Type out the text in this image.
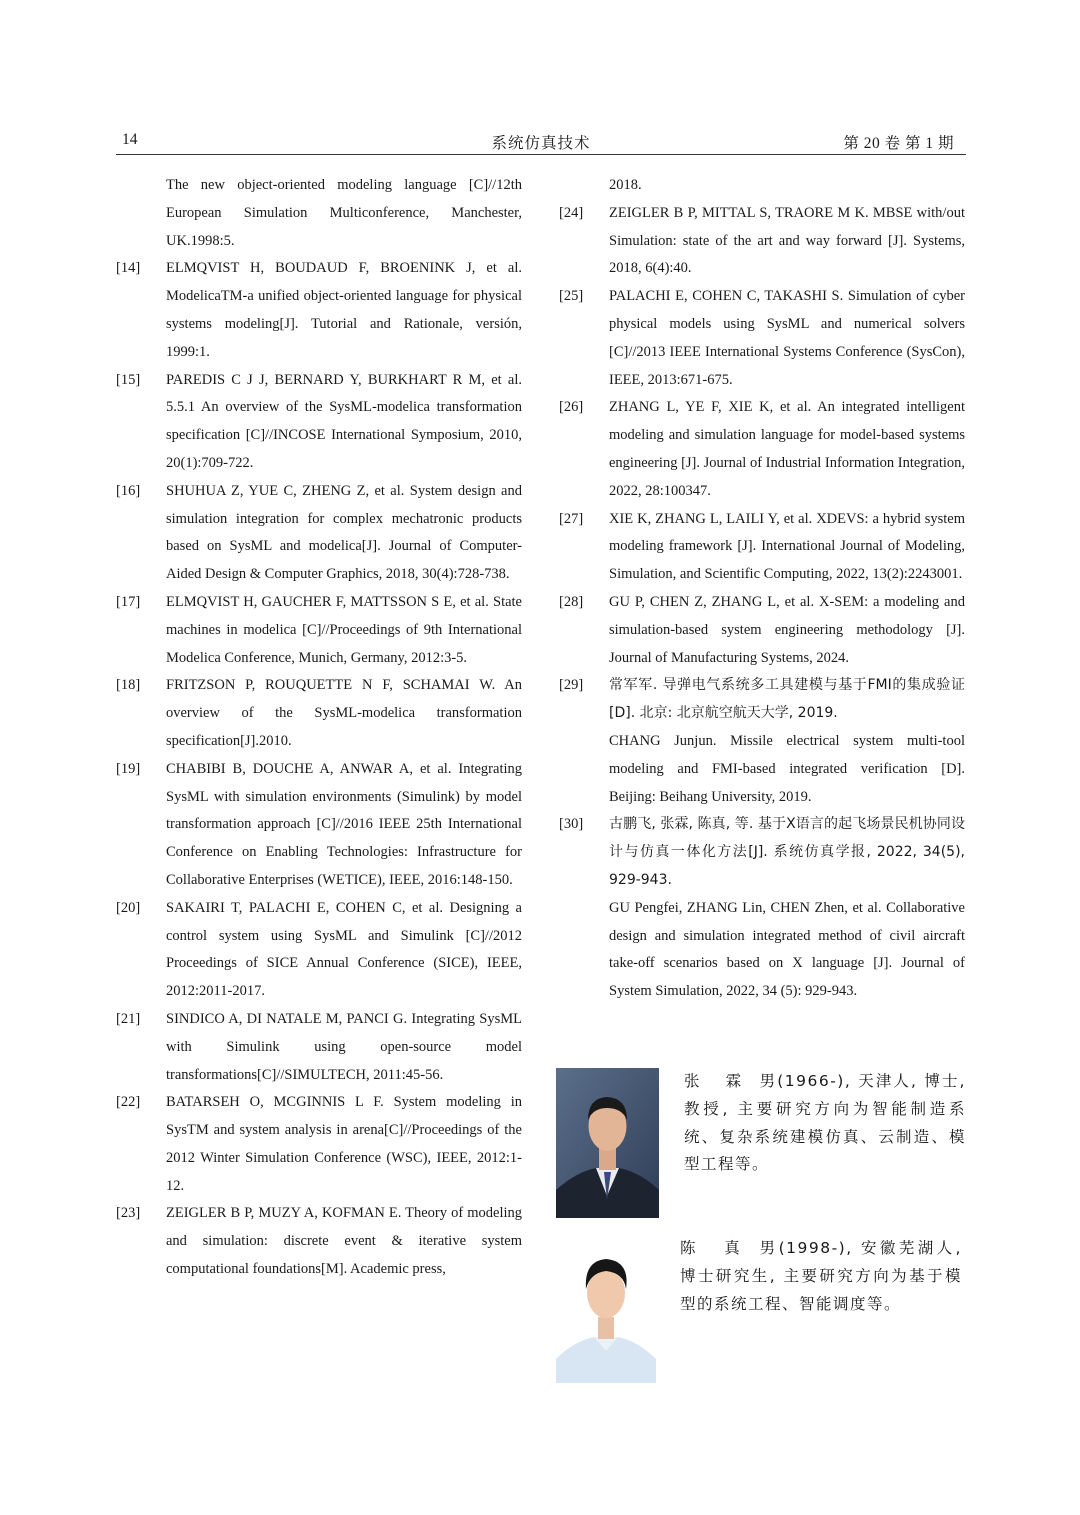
14	系统仿真技术	第 20 卷 第 1 期

The new object-oriented modeling language [C]//12th European Simulation Multiconference, Manchester, UK.1998:5.

[14]	ELMQVIST H, BOUDAUD F, BROENINK J, et al. ModelicaTM-a unified object-oriented language for physical systems modeling[J]. Tutorial and Rationale, versión, 1999:1.

[15]	PAREDIS C J J, BERNARD Y, BURKHART R M, et al. 5.5.1 An overview of the SysML-modelica transformation specification [C]//INCOSE International Symposium, 2010, 20(1):709-722.

[16]	SHUHUA Z, YUE C, ZHENG Z, et al. System design and simulation integration for complex mechatronic products based on SysML and modelica[J]. Journal of Computer-Aided Design & Computer Graphics, 2018, 30(4):728-738.

[17]	ELMQVIST H, GAUCHER F, MATTSSON S E, et al. State machines in modelica [C]//Proceedings of 9th International Modelica Conference, Munich, Germany, 2012:3-5.

[18]	FRITZSON P, ROUQUETTE N F, SCHAMAI W. An overview of the SysML-modelica transformation specification[J].2010.

[19]	CHABIBI B, DOUCHE A, ANWAR A, et al. Integrating SysML with simulation environments (Simulink) by model transformation approach [C]//2016 IEEE 25th International Conference on Enabling Technologies: Infrastructure for Collaborative Enterprises (WETICE), IEEE, 2016:148-150.

[20]	SAKAIRI T, PALACHI E, COHEN C, et al. Designing a control system using SysML and Simulink [C]//2012 Proceedings of SICE Annual Conference (SICE), IEEE, 2012:2011-2017.

[21]	SINDICO A, DI NATALE M, PANCI G. Integrating SysML with Simulink using open-source model transformations[C]//SIMULTECH, 2011:45-56.

[22]	BATARSEH O, MCGINNIS L F. System modeling in SysTM and system analysis in arena[C]//Proceedings of the 2012 Winter Simulation Conference (WSC), IEEE, 2012:1-12.

[23]	ZEIGLER B P, MUZY A, KOFMAN E. Theory of modeling and simulation: discrete event & iterative system computational foundations[M]. Academic press,

2018.

[24]	ZEIGLER B P, MITTAL S, TRAORE M K. MBSE with/out Simulation: state of the art and way forward [J]. Systems, 2018, 6(4):40.

[25]	PALACHI E, COHEN C, TAKASHI S. Simulation of cyber physical models using SysML and numerical solvers [C]//2013 IEEE International Systems Conference (SysCon), IEEE, 2013:671-675.

[26]	ZHANG L, YE F, XIE K, et al. An integrated intelligent modeling and simulation language for model-based systems engineering [J]. Journal of Industrial Information Integration, 2022, 28:100347.

[27]	XIE K, ZHANG L, LAILI Y, et al. XDEVS: a hybrid system modeling framework [J]. International Journal of Modeling, Simulation, and Scientific Computing, 2022, 13(2):2243001.

[28]	GU P, CHEN Z, ZHANG L, et al. X-SEM: a modeling and simulation-based system engineering methodology [J]. Journal of Manufacturing Systems, 2024.

[29]	常军军. 导弹电气系统多工具建模与基于FMI的集成验证[D]. 北京: 北京航空航天大学, 2019.

CHANG Junjun. Missile electrical system multi-tool modeling and FMI-based integrated verification [D]. Beijing: Beihang University, 2019.

[30]	古鹏飞, 张霖, 陈真, 等. 基于X语言的起飞场景民机协同设计与仿真一体化方法[J]. 系统仿真学报, 2022, 34(5), 929-943.

GU Pengfei, ZHANG Lin, CHEN Zhen, et al. Collaborative design and simulation integrated method of civil aircraft take-off scenarios based on X language [J]. Journal of System Simulation, 2022, 34 (5): 929-943.

张 霖 男(1966-), 天津人, 博士, 教授, 主要研究方向为智能制造系统、复杂系统建模仿真、云制造、模型工程等。
陈 真 男(1998-), 安徽芜湖人, 博士研究生, 主要研究方向为基于模型的系统工程、智能调度等。
